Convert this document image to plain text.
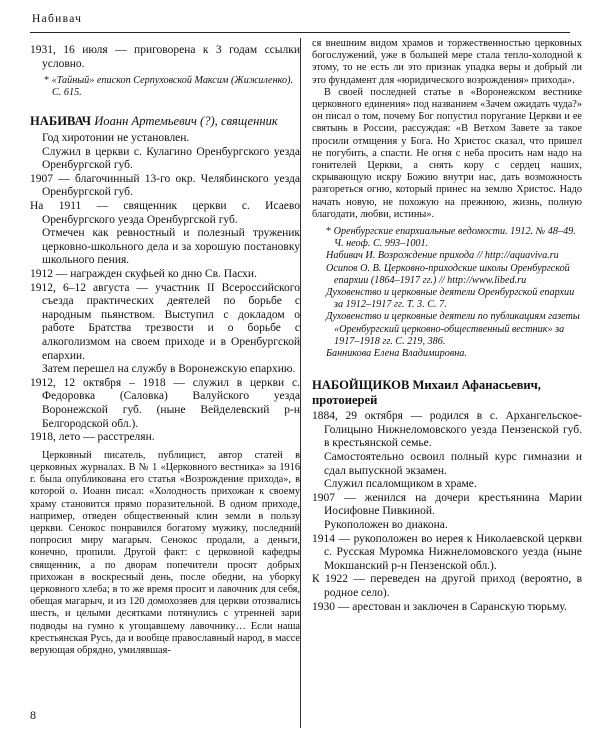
Набивач

1931, 16 июля — приговорена к 3 годам ссылки условно.

* «Тайный» епископ Серпуховской Максим (Жижиленко). С. 615.

НАБИВАЧ Иоанн Артемьевич (?), священник

Год хиротонии не установлен.

Служил в церкви с. Кулагино Оренбургского уезда Оренбургской губ.

1907 — благочинный 13-го окр. Челябинского уезда Оренбургской губ.

На 1911 — священник церкви с. Исаево Оренбургского уезда Оренбургской губ.

Отмечен как ревностный и полезный труженик церковно-школьного дела и за хорошую постановку школьного пения.

1912 — награжден скуфьей ко дню Св. Пасхи.

1912, 6–12 августа — участник II Всероссийского съезда практических деятелей по борьбе с народным пьянством. Выступил с докладом о работе Братства трезвости и о борьбе с алкоголизмом на своем приходе и в Оренбургской епархии.

Затем перешел на службу в Воронежскую епархию.

1912, 12 октября – 1918 — служил в церкви с. Федоровка (Саловка) Валуйского уезда Воронежской губ. (ныне Вейделевский р-н Белгородской обл.).

1918, лето — расстрелян.

Церковный писатель, публицист, автор статей в церковных журналах. В № 1 «Церковного вестника» за 1916 г. была опубликована его статья «Возрождение прихода», в которой о. Иоанн писал: «Холодность прихожан к своему храму становится прямо поразительной. В одном приходе, например, отведен общественный клин земли в пользу церкви. Сенокос понравился богатому мужику, последний попросил миру магарыч. Сенокос продали, а деньги, конечно, пропили. Другой факт: с церковной кафедры священник, а по дворам попечители просят добрых прихожан в воскресный день, после обедни, на уборку церковного хлеба; в то же время просит и лавочник для себя, обещая магарыч, и из 120 домохозяев для церкви отозвались шесть, и целыми десятками потянулись с утренней зари подводы на гумно к угощавшему лавочнику… Если наша крестьянская Русь, да и вообще православный народ, в массе верующая обрядно, умилявшая-

ся внешним видом храмов и торжественностью церковных богослужений, уже в большей мере стала тепло-холодной к этому, то не есть ли это признак упадка веры и добрый ли это фундамент для «юридического возрождения» прихода».

В своей последней статье в «Воронежском вестнике церковного единения» под названием «Зачем ожидать чуда?» он писал о том, почему Бог попустил поругание Церкви и ее святынь в России, рассуждая: «В Ветхом Завете за такое просили отмщения у Бога. Но Христос сказал, что пришел не погубить, а спасти. Не огня с неба просить нам надо на гонителей Церкви, а снять кору с сердец наших, скрывающую искру Божию внутри нас, дать возможность разгореться огню, который принес на землю Христос. Надо начать новую, не похожую на прежнюю, жизнь, полную благодати, любви, истины».

* Оренбургские епархиальные ведомости. 1912. № 48–49. Ч. неоф. С. 993–1001.

Набивач И. Возрождение прихода // http://aquaviva.ru

Осипов О. В. Церковно-приходские школы Оренбургской епархии (1864–1917 гг.) // http://www.libed.ru

Духовенство и церковные деятели Оренбургской епархии за 1912–1917 гг. Т. 3. С. 7.

Духовенство и церковные деятели по публикациям газеты «Оренбургский церковно-общественный вестник» за 1917–1918 гг. С. 219, 386.

Банникова Елена Владимировна.

НАБОЙЩИКОВ Михаил Афанасьевич, протоиерей

1884, 29 октября — родился в с. Архангельское-Голицыно Нижнеломовского уезда Пензенской губ. в крестьянской семье.

Самостоятельно освоил полный курс гимназии и сдал выпускной экзамен.

Служил псаломщиком в храме.

1907 — женился на дочери крестьянина Марии Иосифовне Пивкиной.

Рукоположен во диакона.

1914 — рукоположен во иерея к Николаевской церкви с. Русская Муромка Нижнеломовского уезда (ныне Мокшанский р-н Пензенской обл.).

К 1922 — переведен на другой приход (вероятно, в родное село).

1930 — арестован и заключен в Саранскую тюрьму.

8
